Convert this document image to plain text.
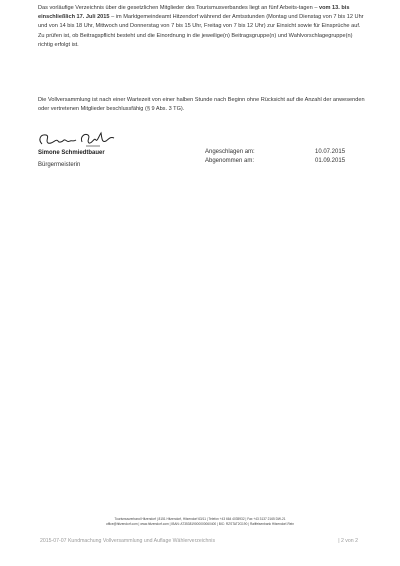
Das vorläufige Verzeichnis über die gesetzlichen Mitglieder des Tourismusverbandes liegt an fünf Arbeits-tagen – vom 13. bis einschließlich 17. Juli 2015 – im Marktgemeindeamt Hitzendorf während der Amtsstunden (Montag und Dienstag von 7 bis 12 Uhr und von 14 bis 18 Uhr, Mittwoch und Donnerstag von 7 bis 15 Uhr, Freitag von 7 bis 12 Uhr) zur Einsicht sowie für Einsprüche auf. Zu prüfen ist, ob Beitragspflicht besteht und die Einordnung in die jeweilige(n) Beitragsgruppe(n) und Wahlvorschlagegruppe(n) richtig erfolgt ist.

Die Vollversammlung ist nach einer Wartezeit von einer halben Stunde nach Beginn ohne Rücksicht auf die Anzahl der anwesenden oder vertretenen Mitglieder beschlussfähig (§ 9 Abs. 3 TG).

Simone Schmiedtbauer
Bürgermeisterin
Angeschlagen am:	10.07.2015
Abgenommen am:	01.09.2015
Tourismusverband Hitzendorf | 8151 Hitzendorf, Hitzendorf 63/11 | Telefon +43 664 4035932 | Fax +43 3137 2165 DW-21
office@hitzendorf.com | www.hitzendorf.com | IBAN: AT353819000000060400 | BIC: RZSTAT2G190 | Raiffeisenbank Hitzendorf-Rein
2015-07-07 Kundmachung Vollversammlung und Auflage Wählerverzeichnis	| 2 von 2
